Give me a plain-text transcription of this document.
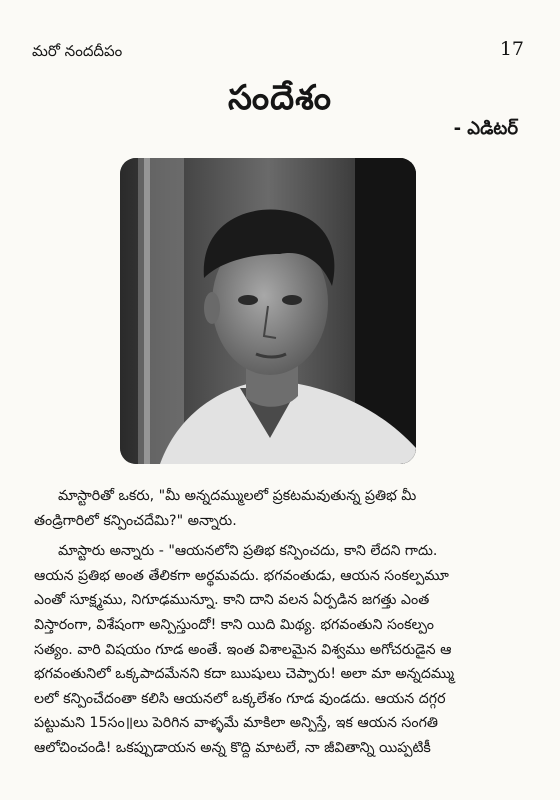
మరో నందదీపం	17
సందేశం
- ఎడిటర్

మాస్టారితో ఒకరు, "మీ అన్నదమ్ములలో ప్రకటమవుతున్న ప్రతిభ మీ
తండ్రిగారిలో కన్పించదేమి?" అన్నారు.

మాస్టారు అన్నారు - "ఆయనలోని ప్రతిభ కన్పించదు, కాని లేదని గాదు.
ఆయన ప్రతిభ అంత తేలికగా అర్థమవదు. భగవంతుడు, ఆయన సంకల్పమూ
ఎంతో సూక్ష్మము, నిగూఢమున్నూ. కాని దాని వలన ఏర్పడిన జగత్తు ఎంత
విస్తారంగా, విశేషంగా అన్పిస్తుందో! కాని యిది మిథ్య. భగవంతుని సంకల్పం
సత్యం. వారి విషయం గూడ అంతే. ఇంత విశాలమైన విశ్వము అగోచరుడైన ఆ
భగవంతునిలో ఒక్కపాదమేనని కదా ఋషులు చెప్పారు! అలా మా అన్నదమ్ము
లలో కన్పించేదంతా కలిసి ఆయనలో ఒక్కలేశం గూడ వుండదు. ఆయన దగ్గర
పట్టుమని 15సం॥లు పెరిగిన వాళ్ళమే మాకిలా అన్పిస్తే, ఇక ఆయన సంగతి
ఆలోచించండి! ఒకప్పుడాయన అన్న కొద్ది మాటలే, నా జీవితాన్ని యిప్పటికీ
